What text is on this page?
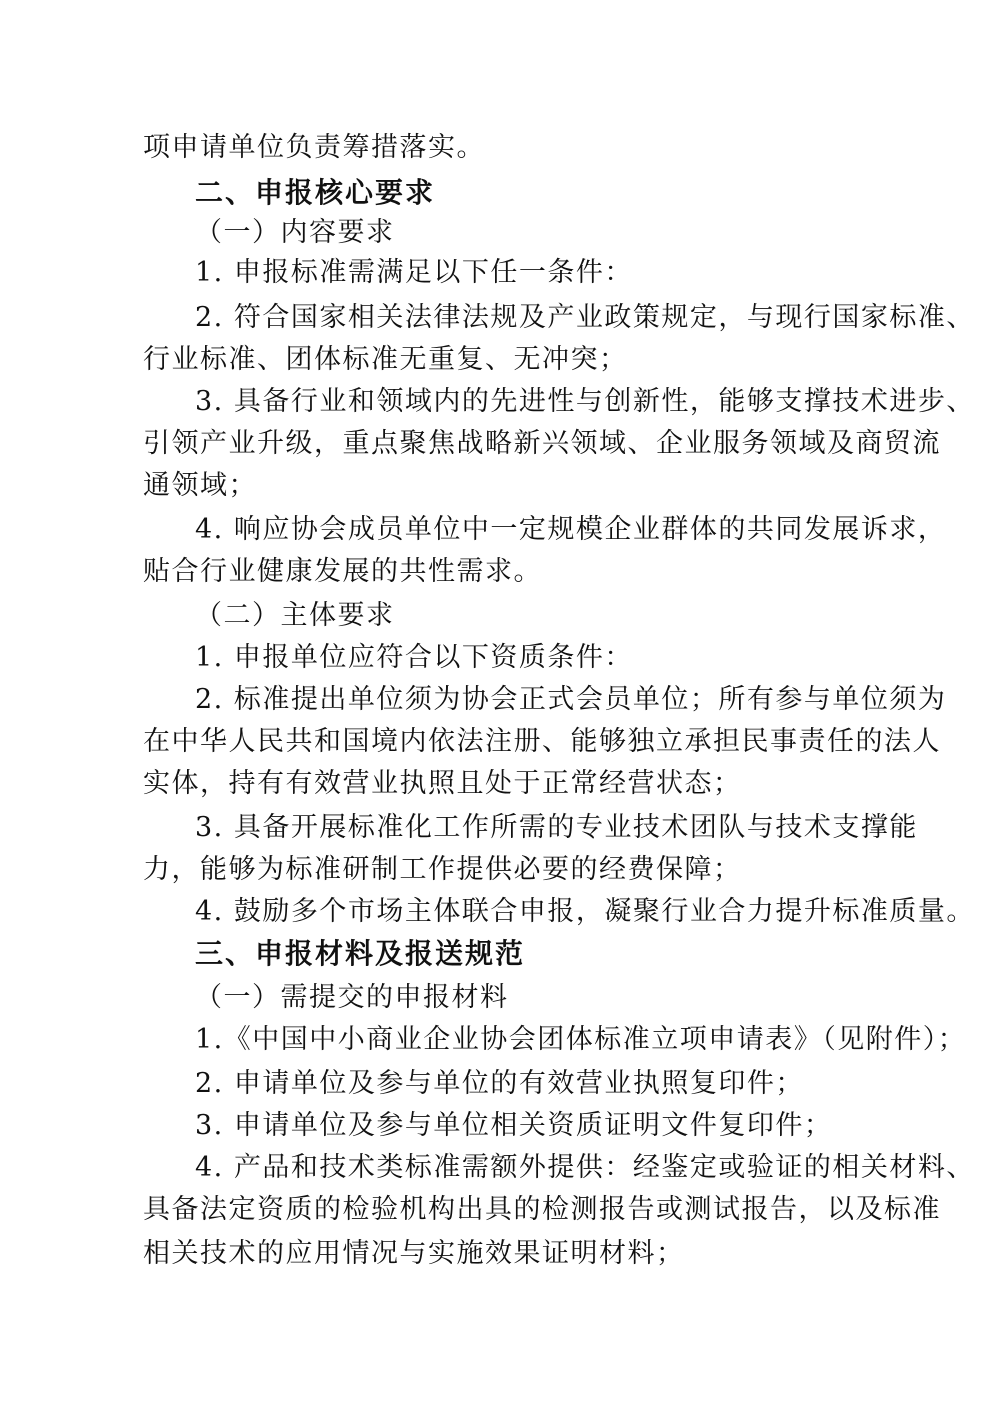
项申请单位负责筹措落实。
二、申报核心要求
（一）内容要求
1. 申报标准需满足以下任一条件：
2. 符合国家相关法律法规及产业政策规定，与现行国家标准、
行业标准、团体标准无重复、无冲突；
3. 具备行业和领域内的先进性与创新性，能够支撑技术进步、
引领产业升级，重点聚焦战略新兴领域、企业服务领域及商贸流
通领域；
4. 响应协会成员单位中一定规模企业群体的共同发展诉求，
贴合行业健康发展的共性需求。
（二）主体要求
1. 申报单位应符合以下资质条件：
2. 标准提出单位须为协会正式会员单位；所有参与单位须为
在中华人民共和国境内依法注册、能够独立承担民事责任的法人
实体，持有有效营业执照且处于正常经营状态；
3. 具备开展标准化工作所需的专业技术团队与技术支撑能
力，能够为标准研制工作提供必要的经费保障；
4. 鼓励多个市场主体联合申报，凝聚行业合力提升标准质量。
三、申报材料及报送规范
（一）需提交的申报材料
1.《中国中小商业企业协会团体标准立项申请表》（见附件）；
2. 申请单位及参与单位的有效营业执照复印件；
3. 申请单位及参与单位相关资质证明文件复印件；
4. 产品和技术类标准需额外提供：经鉴定或验证的相关材料、
具备法定资质的检验机构出具的检测报告或测试报告，以及标准
相关技术的应用情况与实施效果证明材料；
